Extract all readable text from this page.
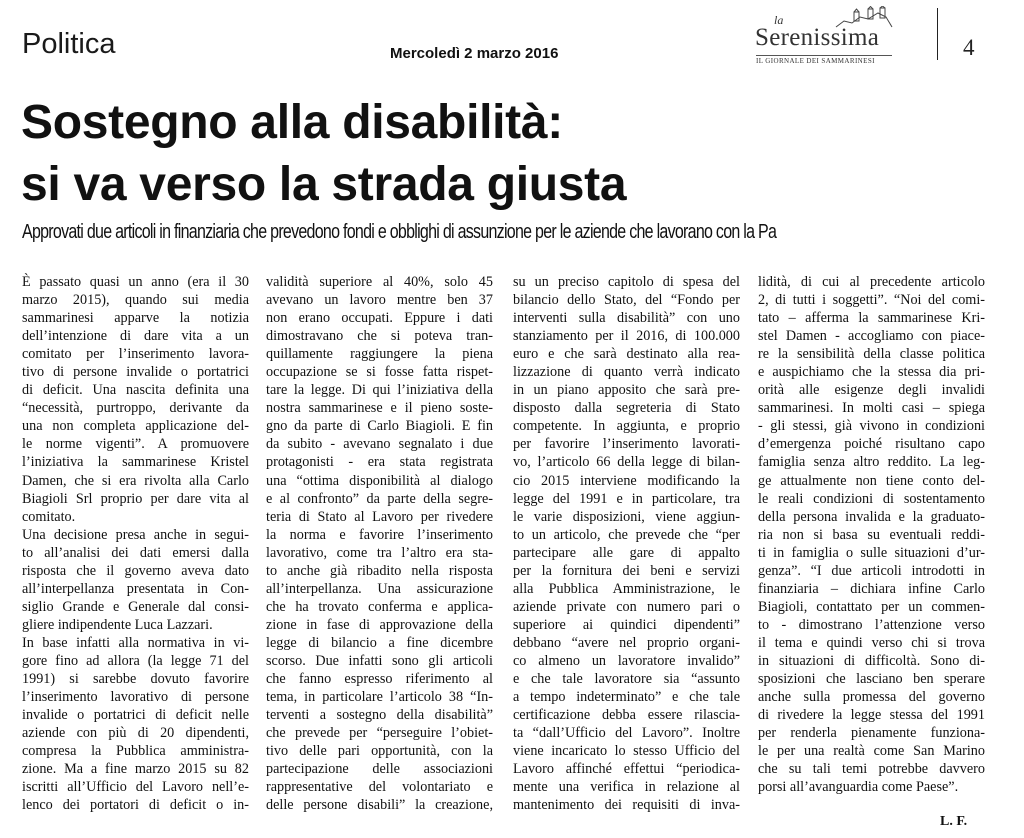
Politica	Mercoledì 2 marzo 2016
la
Serenissima
IL GIORNALE DEI SAMMARINESI
4
Sostegno alla disabilità:
si va verso la strada giusta
Approvati due articoli in finanziaria che prevedono fondi e obblighi di assunzione per le aziende che lavorano con la Pa

È passato quasi un anno (era il 30

marzo 2015), quando sui media

sammarinesi apparve la notizia

dell’intenzione di dare vita a un

comitato per l’inserimento lavora-

tivo di persone invalide o portatrici

di deficit. Una nascita definita una

“necessità, purtroppo, derivante da

una non completa applicazione del-

le norme vigenti”. A promuovere

l’iniziativa la sammarinese Kristel

Damen, che si era rivolta alla Carlo

Biagioli Srl proprio per dare vita al

comitato.

Una decisione presa anche in segui-

to all’analisi dei dati emersi dalla

risposta che il governo aveva dato

all’interpellanza presentata in Con-

siglio Grande e Generale dal consi-

gliere indipendente Luca Lazzari.

In base infatti alla normativa in vi-

gore fino ad allora (la legge 71 del

1991) si sarebbe dovuto favorire

l’inserimento lavorativo di persone

invalide o portatrici di deficit nelle

aziende con più di 20 dipendenti,

compresa la Pubblica amministra-

zione. Ma a fine marzo 2015 su 82

iscritti all’Ufficio del Lavoro nell’e-

lenco dei portatori di deficit o in-

validità superiore al 40%, solo 45

avevano un lavoro mentre ben 37

non erano occupati. Eppure i dati

dimostravano che si poteva tran-

quillamente raggiungere la piena

occupazione se si fosse fatta rispet-

tare la legge. Di qui l’iniziativa della

nostra sammarinese e il pieno soste-

gno da parte di Carlo Biagioli. E fin

da subito - avevano segnalato i due

protagonisti - era stata registrata

una “ottima disponibilità al dialogo

e al confronto” da parte della segre-

teria di Stato al Lavoro per rivedere

la norma e favorire l’inserimento

lavorativo, come tra l’altro era sta-

to anche già ribadito nella risposta

all’interpellanza. Una assicurazione

che ha trovato conferma e applica-

zione in fase di approvazione della

legge di bilancio a fine dicembre

scorso. Due infatti sono gli articoli

che fanno espresso riferimento al

tema, in particolare l’articolo 38 “In-

terventi a sostegno della disabilità”

che prevede per “perseguire l’obiet-

tivo delle pari opportunità, con la

partecipazione delle associazioni

rappresentative del volontariato e

delle persone disabili” la creazione,

su un preciso capitolo di spesa del

bilancio dello Stato, del “Fondo per

interventi sulla disabilità” con uno

stanziamento per il 2016, di 100.000

euro e che sarà destinato alla rea-

lizzazione di quanto verrà indicato

in un piano apposito che sarà pre-

disposto dalla segreteria di Stato

competente. In aggiunta, e proprio

per favorire l’inserimento lavorati-

vo, l’articolo 66 della legge di bilan-

cio 2015 interviene modificando la

legge del 1991 e in particolare, tra

le varie disposizioni, viene aggiun-

to un articolo, che prevede che “per

partecipare alle gare di appalto

per la fornitura dei beni e servizi

alla Pubblica Amministrazione, le

aziende private con numero pari o

superiore ai quindici dipendenti”

debbano “avere nel proprio organi-

co almeno un lavoratore invalido”

e che tale lavoratore sia “assunto

a tempo indeterminato” e che tale

certificazione debba essere rilascia-

ta “dall’Ufficio del Lavoro”. Inoltre

viene incaricato lo stesso Ufficio del

Lavoro affinché effettui “periodica-

mente una verifica in relazione al

mantenimento dei requisiti di inva-

lidità, di cui al precedente articolo

2, di tutti i soggetti”. “Noi del comi-

tato – afferma la sammarinese Kri-

stel Damen - accogliamo con piace-

re la sensibilità della classe politica

e auspichiamo che la stessa dia pri-

orità alle esigenze degli invalidi

sammarinesi. In molti casi – spiega

- gli stessi, già vivono in condizioni

d’emergenza poiché risultano capo

famiglia senza altro reddito. La leg-

ge attualmente non tiene conto del-

le reali condizioni di sostentamento

della persona invalida e la graduato-

ria non si basa su eventuali reddi-

ti in famiglia o sulle situazioni d’ur-

genza”. “I due articoli introdotti in

finanziaria – dichiara infine Carlo

Biagioli, contattato per un commen-

to - dimostrano l’attenzione verso

il tema e quindi verso chi si trova

in situazioni di difficoltà. Sono di-

sposizioni che lasciano ben sperare

anche sulla promessa del governo

di rivedere la legge stessa del 1991

per renderla pienamente funziona-

le per una realtà come San Marino

che su tali temi potrebbe davvero

porsi all’avanguardia come Paese”.

L. F.
